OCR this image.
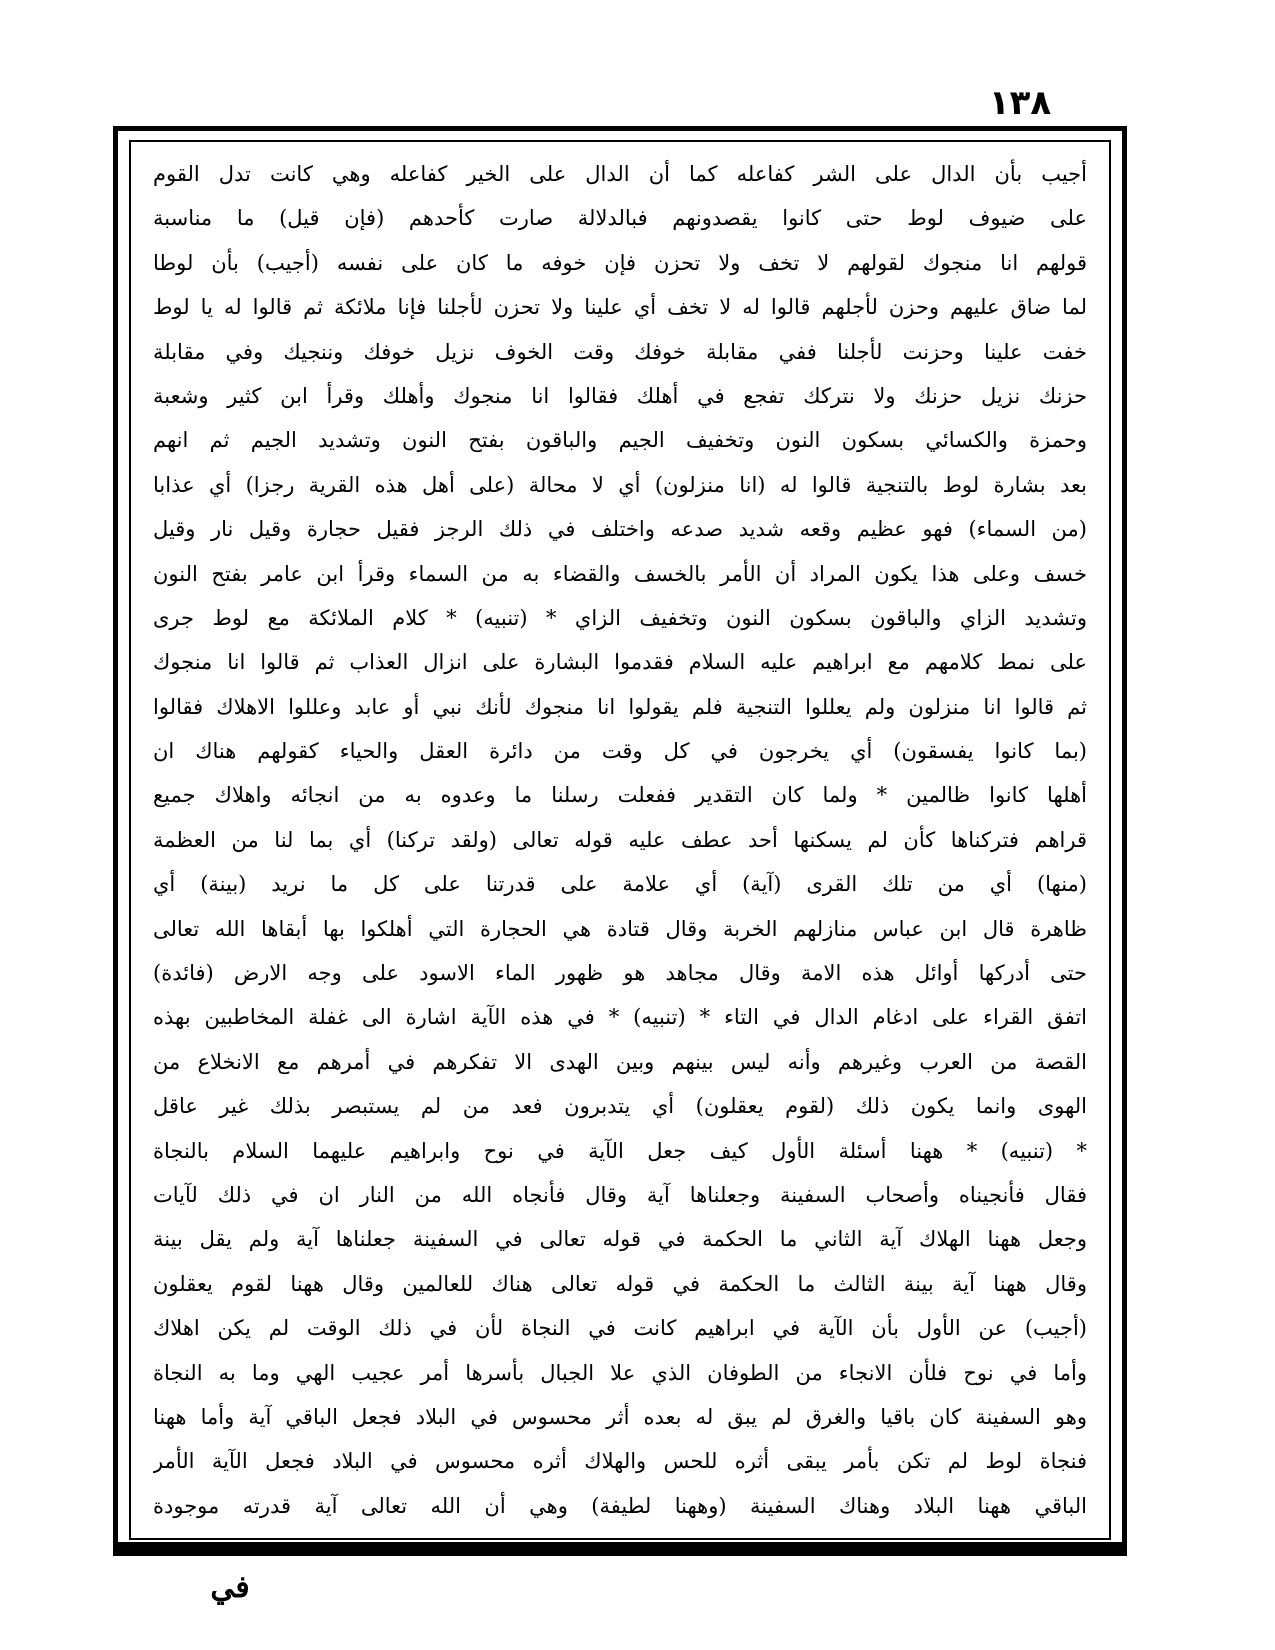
١٣٨
أجيب بأن الدال على الشر كفاعله كما أن الدال على الخير كفاعله وهي كانت تدل القوم
على ضيوف لوط حتى كانوا يقصدونهم فبالدلالة صارت كأحدهم (فإن قيل) ما مناسبة
قولهم انا منجوك لقولهم لا تخف ولا تحزن فإن خوفه ما كان على نفسه (أجيب) بأن لوطا
لما ضاق عليهم وحزن لأجلهم قالوا له لا تخف أي علينا ولا تحزن لأجلنا فإنا ملائكة ثم قالوا له يا لوط
خفت علينا وحزنت لأجلنا ففي مقابلة خوفك وقت الخوف نزيل خوفك وننجيك وفي مقابلة
حزنك نزيل حزنك ولا نتركك تفجع في أهلك فقالوا انا منجوك وأهلك وقرأ ابن كثير وشعبة
وحمزة والكسائي بسكون النون وتخفيف الجيم والباقون بفتح النون وتشديد الجيم ثم انهم
بعد بشارة لوط بالتنجية قالوا له (انا منزلون) أي لا محالة (على أهل هذه القرية رجزا) أي عذابا
(من السماء) فهو عظيم وقعه شديد صدعه واختلف في ذلك الرجز فقيل حجارة وقيل نار وقيل
خسف وعلى هذا يكون المراد أن الأمر بالخسف والقضاء به من السماء وقرأ ابن عامر بفتح النون
وتشديد الزاي والباقون بسكون النون وتخفيف الزاي * (تنبيه) * كلام الملائكة مع لوط جرى
على نمط كلامهم مع ابراهيم عليه السلام فقدموا البشارة على انزال العذاب ثم قالوا انا منجوك
ثم قالوا انا منزلون ولم يعللوا التنجية فلم يقولوا انا منجوك لأنك نبي أو عابد وعللوا الاهلاك فقالوا
(بما كانوا يفسقون) أي يخرجون في كل وقت من دائرة العقل والحياء كقولهم هناك ان
أهلها كانوا ظالمين * ولما كان التقدير ففعلت رسلنا ما وعدوه به من انجائه واهلاك جميع
قراهم فتركناها كأن لم يسكنها أحد عطف عليه قوله تعالى (ولقد تركنا) أي بما لنا من العظمة
(منها) أي من تلك القرى (آية) أي علامة على قدرتنا على كل ما نريد (بينة) أي
ظاهرة قال ابن عباس منازلهم الخربة وقال قتادة هي الحجارة التي أهلكوا بها أبقاها الله تعالى
حتى أدركها أوائل هذه الامة وقال مجاهد هو ظهور الماء الاسود على وجه الارض (فائدة)
اتفق القراء على ادغام الدال في التاء * (تنبيه) * في هذه الآية اشارة الى غفلة المخاطبين بهذه
القصة من العرب وغيرهم وأنه ليس بينهم وبين الهدى الا تفكرهم في أمرهم مع الانخلاع من
الهوى وانما يكون ذلك (لقوم يعقلون) أي يتدبرون فعد من لم يستبصر بذلك غير عاقل
* (تنبيه) * ههنا أسئلة الأول كيف جعل الآية في نوح وابراهيم عليهما السلام بالنجاة
فقال فأنجيناه وأصحاب السفينة وجعلناها آية وقال فأنجاه الله من النار ان في ذلك لآيات
وجعل ههنا الهلاك آية الثاني ما الحكمة في قوله تعالى في السفينة جعلناها آية ولم يقل بينة
وقال ههنا آية بينة الثالث ما الحكمة في قوله تعالى هناك للعالمين وقال ههنا لقوم يعقلون
(أجيب) عن الأول بأن الآية في ابراهيم كانت في النجاة لأن في ذلك الوقت لم يكن اهلاك
وأما في نوح فلأن الانجاء من الطوفان الذي علا الجبال بأسرها أمر عجيب الهي وما به النجاة
وهو السفينة كان باقيا والغرق لم يبق له بعده أثر محسوس في البلاد فجعل الباقي آية وأما ههنا
فنجاة لوط لم تكن بأمر يبقى أثره للحس والهلاك أثره محسوس في البلاد فجعل الآية الأمر
الباقي ههنا البلاد وهناك السفينة (وههنا لطيفة) وهي أن الله تعالى آية قدرته موجودة
في
